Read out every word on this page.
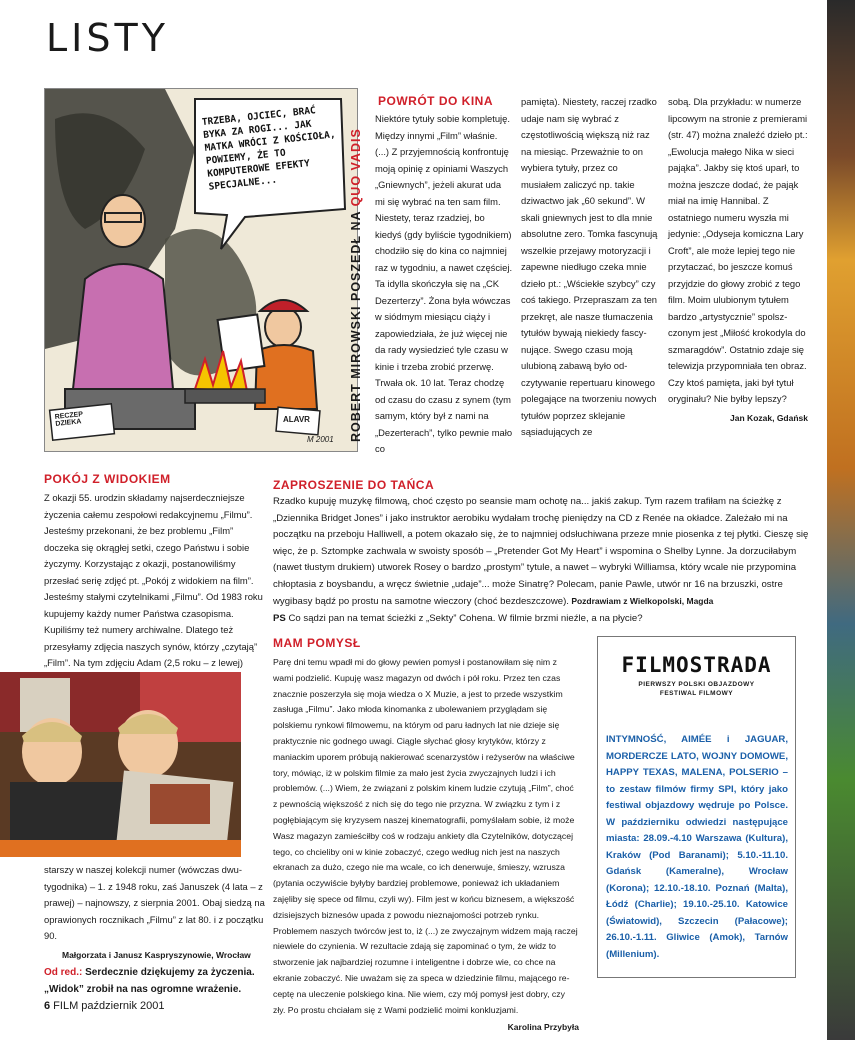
LISTY
TRZEBA, OJCIEC, BRAĆ BYKA ZA ROGI... JAK MATKA WRÓCI Z KOŚCIOŁA, POWIEMY, ŻE TO KOMPUTEROWE EFEKTY SPECJALNE...
RECZEP DZIEKA	ALAVR
M 2001 ROBERT MIROWSKI POSZEDŁ NA QUO VADIS
POWRÓT DO KINA

Niektóre tytuły sobie kompletuję. Między innymi „Film” właśnie. (...) Z przyjemnością konfrontuję moją opinię z opiniami Waszych „Gniewnych”, jeżeli akurat uda mi się wybrać na ten sam film. Niestety, teraz rzadziej, bo kiedyś (gdy byliście tygodnikiem) chodziło się do kina co najmniej raz w tygodniu, a nawet częściej. Ta idylla skończyła się na „CK Dezerterzy”. Żona była wówczas w siódmym miesiącu ciąży i zapowiedziała, że już więcej nie da rady wysiedzieć tyle czasu w kinie i trzeba zrobić przerwę. Trwała ok. 10 lat. Teraz chodzę od czasu do czasu z synem (tym samym, który był z nami na „Dezerterach”, tylko pewnie mało co

pamięta). Niestety, raczej rzadko udaje nam się wybrać z częstotliwością większą niż raz na miesiąc. Przeważnie to on wybiera tytuły, przez co musiałem zaliczyć np. takie dziwactwo jak „60 sekund”. W skali gniewnych jest to dla mnie absolutne zero. Tomka fascynują wszelkie przejawy motoryzacji i zapewne niedługo czeka mnie dzieło pt.: „Wściekłe szybcy” czy coś takiego. Przepraszam za ten przekręt, ale nasze tłumaczenia tytułów bywają niekiedy fascynujące. Swego czasu moją ulubioną zabawą było odczytywanie repertuaru kinowego polegające na tworzeniu nowych tytułów poprzez sklejanie sąsiadujących ze

sobą. Dla przykładu: w numerze lipcowym na stronie z premierami (str. 47) można znaleźć dzieło pt.: „Ewolucja małego Nika w sieci pająka”. Jakby się ktoś uparł, to można jeszcze dodać, że pająk miał na imię Hannibal. Z ostatniego numeru wyszła mi jedynie: „Odyseja komiczna Lary Croft”, ale może lepiej tego nie przytaczać, bo jeszcze komuś przyjdzie do głowy zrobić z tego film. Moim ulubionym tytułem bardzo „artystycznie” spolszczonym jest „Miłość krokodyla do szmaragdów”. Ostatnio zdaje się telewizja przypomniała ten obraz. Czy ktoś pamięta, jaki był tytuł oryginału? Nie byłby lepszy?

Jan Kozak, Gdańsk
POKÓJ Z WIDOKIEM

Z okazji 55. urodzin składamy najserdeczniejsze życzenia całemu zespołowi redakcyjnemu „Filmu”. Jesteśmy przekonani, że bez problemu „Film” doczeka się okrągłej setki, czego Państwu i sobie życzymy. Korzystając z okazji, postanowiliśmy przesłać serię zdjęć pt. „Pokój z widokiem na film”. Jesteśmy stałymi czytelnikami „Filmu”. Od 1983 roku kupujemy każdy numer Państwa czasopisma. Kupiliśmy też numery archiwalne. Dlatego też przesyłamy zdjęcia naszych synów, którzy „czytają” „Film”. Na tym zdjęciu Adam (2,5 roku – z lewej)

starszy w naszej kolekcji numer (wówczas dwutygodnika) – 1. z 1948 roku, zaś Januszek (4 lata – z prawej) – najnowszy, z sierpnia 2001. Obaj siedzą na oprawionych rocznikach „Filmu” z lat 80. i z początku 90.

Małgorzata i Janusz Kaspryszynowie, Wrocław

Od red.: Serdecznie dziękujemy za życzenia. „Widok” zrobił na nas ogromne wrażenie.

ZAPROSZENIE DO TAŃCA

Rzadko kupuję muzykę filmową, choć często po seansie mam ochotę na... jakiś zakup. Tym razem trafiłam na ścieżkę z „Dziennika Bridget Jones” i jako instruktor aerobiku wydałam trochę pieniędzy na CD z Renée na okładce. Zależało mi na początku na przeboju Halliwell, a potem okazało się, że to najmniej odsłuchiwana przeze mnie piosenka z tej płytki. Cieszę się więc, że p. Sztompke zachwala w swoisty sposób – „Pretender Got My Heart” i wspomina o Shelby Lynne. Ja dorzuciłabym (nawet tłustym drukiem) utworek Rosey o bardzo „prostym” tytule, a nawet – wybryki Williamsa, który wcale nie przypomina chłoptasia z boysbandu, a wręcz świetnie „udaje”... może Sinatrę? Polecam, panie Pawle, utwór nr 16 na brzuszki, ostre wygibasy bądź po prostu na samotne wieczory (choć bezdeszczowe). Pozdrawiam z Wielkopolski, Magda

PS Co sądzi pan na temat ścieżki z „Sekty” Cohena. W filmie brzmi nieźle, a na płycie?

MAM POMYSŁ

Parę dni temu wpadł mi do głowy pewien pomysł i postanowiłam się nim z wami podzielić. Kupuję wasz magazyn od dwóch i pół roku. Przez ten czas znacznie poszerzyła się moja wiedza o X Muzie, a jest to przede wszystkim zasługa „Filmu”. Jako młoda kinomanka z ubolewaniem przyglądam się polskiemu rynkowi filmowemu, na którym od paru ładnych lat nie dzieje się praktycznie nic godnego uwagi. Ciągle słychać głosy krytyków, którzy z maniackim uporem próbują nakierować scenarzystów i reżyserów na właściwe tory, mówiąc, iż w polskim filmie za mało jest życia zwyczajnych ludzi i ich problemów. (...) Wiem, że związani z polskim kinem ludzie czytują „Film”, choć z pewnością większość z nich się do tego nie przyzna. W związku z tym i z pogłębiającym się kryzysem naszej kinematografii, pomyślałam sobie, iż może Wasz magazyn zamieściłby coś w rodzaju ankiety dla Czytelników, dotyczącej tego, co chcieliby oni w kinie zobaczyć, czego według nich jest na naszych ekranach za dużo, czego nie ma wcale, co ich denerwuje, śmieszy, wzrusza (pytania oczywiście byłyby bardziej problemowe, ponieważ ich układaniem zajęliby się spece od filmu, czyli wy). Film jest w końcu biznesem, a większość dzisiejszych biznesów upada z powodu nieznajomości potrzeb rynku. Problemem naszych twórców jest to, iż (...) ze zwyczajnym widzem mają raczej niewiele do czynienia. W rezultacie zdają się zapominać o tym, że widz to stworzenie jak najbardziej rozumne i inteligentne i dobrze wie, co chce na ekranie zobaczyć. Nie uważam się za speca w dziedzinie filmu, mającego receptę na uleczenie polskiego kina. Nie wiem, czy mój pomysł jest dobry, czy zły. Po prostu chciałam się z Wami podzielić moimi konkluzjami.

Karolina Przybyła
FILMOSTRADA
PIERWSZY POLSKI OBJAZDOWY
FESTIWAL FILMOWY
INTYMNOŚĆ, AIMÉE i JAGUAR, MORDERCZE LATO, WOJNY DOMOWE, HAPPY TEXAS, MALENA, POLSERIO – to zestaw filmów firmy SPI, który jako festiwal objazdowy wędruje po Polsce. W październiku odwiedzi następujące miasta: 28.09.-4.10 Warszawa (Kultura), Kraków (Pod Baranami); 5.10.-11.10. Gdańsk (Kameralne), Wrocław (Korona); 12.10.-18.10. Poznań (Malta), Łódź (Charlie); 19.10.-25.10. Katowice (Światowid), Szczecin (Pałacowe); 26.10.-1.11. Gliwice (Amok), Tarnów (Millenium).
6 FILM październik 2001
